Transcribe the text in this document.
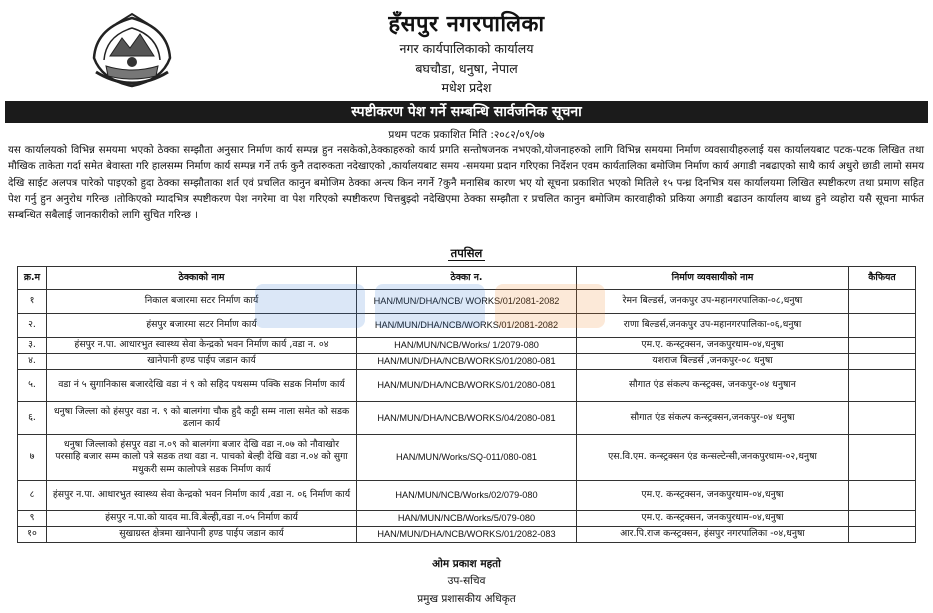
हँसपुर नगरपालिका
नगर कार्यपालिकाको कार्यालय
बघचौडा, धनुषा, नेपाल
मधेश प्रदेश
स्पष्टीकरण पेश गर्ने सम्बन्धि सार्वजनिक सूचना
प्रथम पटक प्रकाशित मिति :२०८२/०९/०७
यस कार्यालयको विभिन्न समयमा भएको ठेक्का सम्झौता अनुसार निर्माण कार्य सम्पन्न हुन नसकेको,ठेक्काहरुको कार्य प्रगति सन्तोषजनक नभएको,योजनाहरुको लागि विभिन्न समयमा निर्माण व्यवसायीहरुलाई यस कार्यालयबाट पटक-पटक लिखित तथा मौखिक ताकेता गर्दा समेत बेवास्ता गरि हालसम्म निर्माण कार्य सम्पन्न गर्ने तर्फ कुनै तदारुकता नदेखाएको ,कार्यालयबाट समय -समयमा प्रदान गरिएका निर्देशन एवम कार्यतालिका बमोजिम निर्माण कार्य अगाडी नबढाएको साथै कार्य अधुरो छाडी लामो समय देखि साईट अलपत्र पारेको पाइएको हुदा ठेक्का सम्झौताका शर्त एवं प्रचलित कानुन बमोजिम ठेक्का अन्त्य किन नगर्ने ?कुनै मनासिब कारण भए यो सूचना प्रकाशित भएको मितिले १५ पन्ध्र दिनभित्र यस कार्यालयमा लिखित स्पष्टीकरण तथा प्रमाण सहित पेश गर्नु हुन अनुरोध गरिन्छ ।तोकिएको म्यादभित्र स्पष्टीकरण पेश नगरेमा वा पेश गरिएको स्पष्टीकरण चित्तबुझ्दो नदेखिएमा ठेक्का सम्झौता र प्रचलित कानुन बमोजिम कारवाहीको प्रकिया अगाडी बढाउन कार्यालय बाध्य हुने व्यहोरा यसै सूचना मार्फत सम्बन्धित सबैलाई जानकारीको लागि सुचित गरिन्छ ।
तपसिल
क्र.म	ठेक्काको नाम	ठेक्का न.	निर्माण व्यवसायीको नाम	कैफियत
१	निकाल बजारमा सटर निर्माण कार्य	HAN/MUN/DHA/NCB/ WORKS/01/2081-2082	रेमन बिल्डर्स, जनकपुर उप-महानगरपालिका-०८,धनुषा	
२.	हंसपुर बजारमा सटर निर्माण कार्य	HAN/MUN/DHA/NCB/WORKS/01/2081-2082	राणा बिल्डर्स,जनकपुर उप-महानगरपालिका-०६,धनुषा	
३.	हंसपुर न.पा. आधारभुत स्वास्थ्य सेवा केन्द्रको भवन निर्माण कार्य ,वडा न. ०४	HAN/MUN/NCB/Works/ 1/2079-080	एम.ए. कन्स्ट्रक्सन, जनकपुरधाम-०४,धनुषा	
४.	खानेपानी हण्ड पाईप जडान कार्य	HAN/MUN/DHA/NCB/WORKS/01/2080-081	यशराज बिल्डर्स ,जनकपुर-०८ धनुषा	
५.	वडा नं ५ सुगानिकास बजारदेखि वडा नं ९ को सहिद पथसम्म पक्कि सडक निर्माण कार्य	HAN/MUN/DHA/NCB/WORKS/01/2080-081	सौगात एंड संकल्प कन्स्ट्रक्स, जनकपुर-०४ धनुषान	
६.	धनुषा जिल्ला को हंसपुर वडा न. ९ को बालगंगा चौक हुदै कट्टी सम्म नाला समेत को सडक ढलान कार्य	HAN/MUN/DHA/NCB/WORKS/04/2080-081	सौगात एंड संकल्प कन्स्ट्रक्सन,जनकपुर-०४ धनुषा	
७	धनुषा जिल्लाको हंसपुर वडा न.०९ को बालगंगा बजार देखि वडा न.०७ को नौवाखोर परसाहि बजार सम्म कालो पत्रे सडक तथा वडा न. पाचको बेल्ही देखि वडा न.०४ को सुगा मधुकरी सम्म कालोपत्रे सडक निर्माण कार्य	HAN/MUN/Works/SQ-011/080-081	एस.वि.एम. कन्स्ट्रक्सन एंड कन्सल्टेन्सी,जनकपुरधाम-०२,धनुषा	
८	हंसपुर न.पा. आधारभुत स्वास्थ्य सेवा केन्द्रको भवन निर्माण कार्य ,वडा न. ०६ निर्माण कार्य	HAN/MUN/NCB/Works/02/079-080	एम.ए. कन्स्ट्रक्सन, जनकपुरधाम-०४,धनुषा	
९	हंसपुर न.पा.को यादव मा.वि.बेल्ही,वडा न.०५ निर्माण कार्य	HAN/MUN/NCB/Works/5/079-080	एम.ए. कन्स्ट्रक्सन, जनकपुरधाम-०४,धनुषा	
१०	सुखाग्रस्त क्षेत्रमा खानेपानी हण्ड पाईप जडान कार्य	HAN/MUN/DHA/NCB/WORKS/01/2082-083	आर.पि.राज कन्स्ट्रक्सन, हंसपुर नगरपालिका -०४,धनुषा	
ओम प्रकाश महतो
उप-सचिव
प्रमुख प्रशासकीय अधिकृत
